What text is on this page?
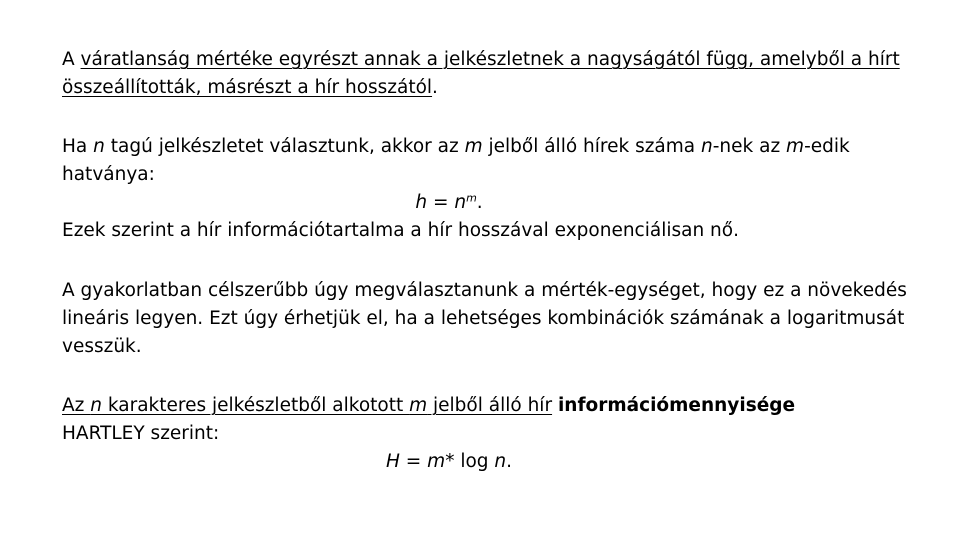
A váratlanság mértéke egyrészt annak a jelkészletnek a nagyságától függ, amelyből a hírt összeállították, másrészt a hír hosszától.

Ha n tagú jelkészletet választunk, akkor az m jelből álló hírek száma n-nek az m-edik hatványa:
$h = n^m$.
Ezek szerint a hír információtartalma a hír hosszával exponenciálisan nő.

A gyakorlatban célszerűbb úgy megválasztanunk a mérték-egységet, hogy ez a növekedés lineáris legyen. Ezt úgy érhetjük el, ha a lehetséges kombinációk számának a logaritmusát vesszük.

Az n karakteres jelkészletből alkotott m jelből álló hír információmennyisége
HARTLEY szerint:
H = m* log n.
